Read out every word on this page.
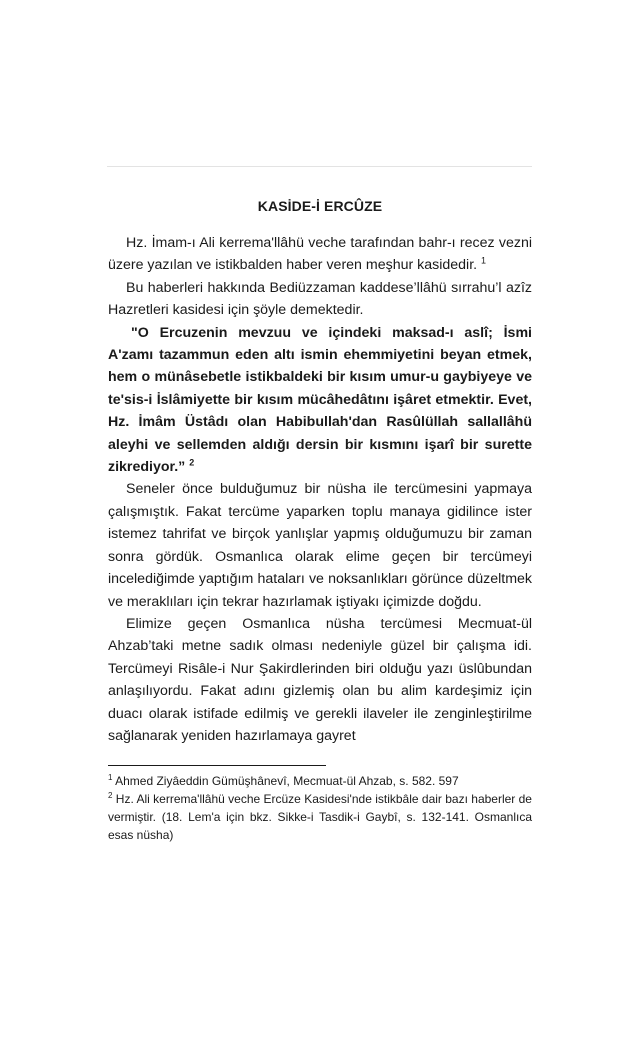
KASİDE-İ ERCÛZE

Hz. İmam-ı Ali kerrema'llâhü veche tarafından bahr-ı recez vezni üzere yazılan ve istikbalden haber veren meşhur kasidedir. $^1$

Bu haberleri hakkında Bediüzzaman kaddese’llâhü sırrahu’l azîz Hazretleri kasidesi için şöyle demektedir.

"O Ercuzenin mevzuu ve içindeki maksad-ı aslî; İsmi A'zamı tazammun eden altı ismin ehemmiyetini beyan etmek, hem o münâsebetle istikbaldeki bir kısım umur-u gaybiyeye ve te'sis-i İslâmiyette bir kısım mücâhedâtını işâret etmektir. Evet, Hz. İmâm Üstâdı olan Habibullah'dan Rasûlüllah sallallâhü aleyhi ve sellemden aldığı dersin bir kısmını işarî bir surette zikrediyor.” $^2$

Seneler önce bulduğumuz bir nüsha ile tercümesini yapmaya çalışmıştık. Fakat tercüme yaparken toplu manaya gidilince ister istemez tahrifat ve birçok yanlışlar yapmış olduğumuzu bir zaman sonra gördük. Osmanlıca olarak elime geçen bir tercümeyi incelediğimde yaptığım hataları ve noksanlıkları görünce düzeltmek ve meraklıları için tekrar hazırlamak iştiyakı içimizde doğdu.

Elimize geçen Osmanlıca nüsha tercümesi Mecmuat-ül Ahzab’taki metne sadık olması nedeniyle güzel bir çalışma idi. Tercümeyi Risâle-i Nur Şakirdlerinden biri olduğu yazı üslûbundan anlaşılıyordu. Fakat adını gizlemiş olan bu alim kardeşimiz için duacı olarak istifade edilmiş ve gerekli ilaveler ile zenginleştirilme sağlanarak yeniden hazırlamaya gayret

$^1$ Ahmed Ziyâeddin Gümüşhânevî, Mecmuat-ül Ahzab, s. 582. 597

$^2$ Hz. Ali kerrema'llâhü veche Ercüze Kasidesi'nde istikbâle dair bazı haberler de vermiştir. (18. Lem'a için bkz. Sikke-i Tasdik-i Gaybî, s. 132-141. Osmanlıca esas nüsha)
